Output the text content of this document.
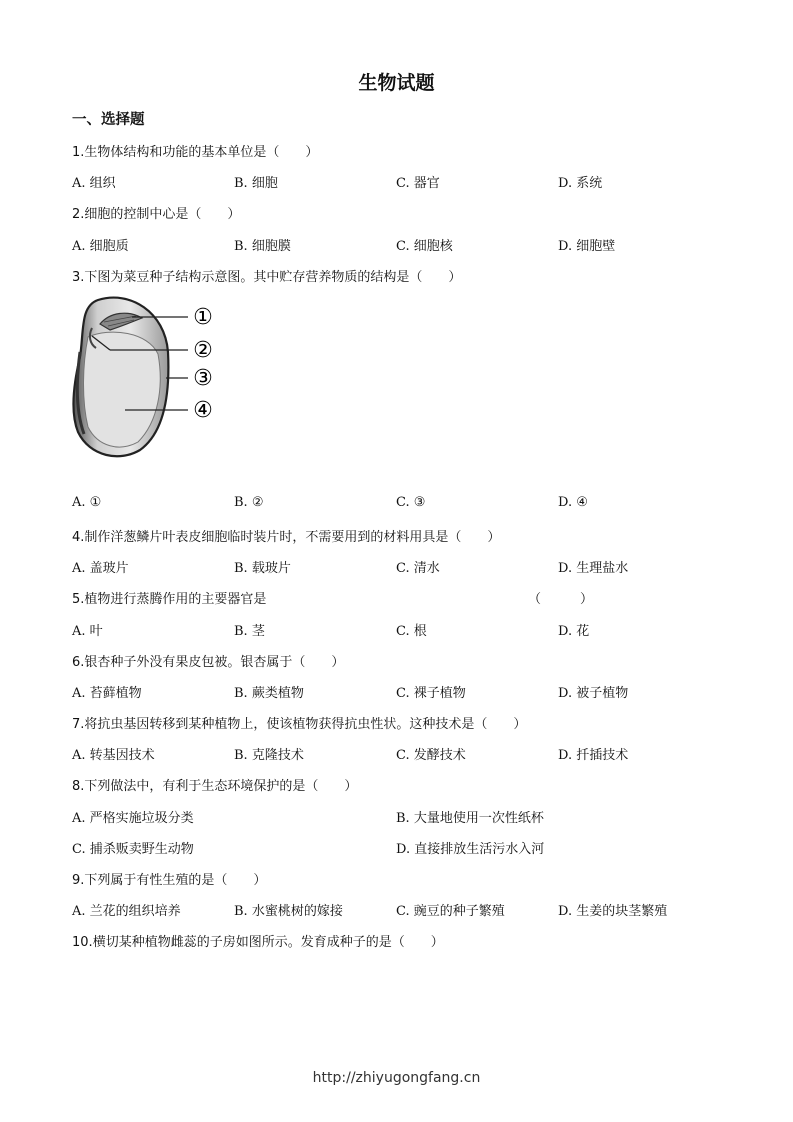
生物试题
一、选择题
1.生物体结构和功能的基本单位是（　　）
A. 组织	B. 细胞	C. 器官	D. 系统
2.细胞的控制中心是（　　）
A. 细胞质	B. 细胞膜	C. 细胞核	D. 细胞壁
3.下图为菜豆种子结构示意图。其中贮存营养物质的结构是（　　）
①
②
③
④
A. ①	B. ②	C. ③	D. ④
4.制作洋葱鳞片叶表皮细胞临时装片时，不需要用到的材料用具是（　　）
A. 盖玻片	B. 载玻片	C. 清水	D. 生理盐水
5.植物进行蒸腾作用的主要器官是	（　　　）
A. 叶	B. 茎	C. 根	D. 花
6.银杏种子外没有果皮包被。银杏属于（　　）
A. 苔藓植物	B. 蕨类植物	C. 裸子植物	D. 被子植物
7.将抗虫基因转移到某种植物上，使该植物获得抗虫性状。这种技术是（　　）
A. 转基因技术	B. 克隆技术	C. 发酵技术	D. 扦插技术
8.下列做法中，有利于生态环境保护的是（　　）
A. 严格实施垃圾分类	B. 大量地使用一次性纸杯
C. 捕杀贩卖野生动物	D. 直接排放生活污水入河
9.下列属于有性生殖的是（　　）
A. 兰花的组织培养	B. 水蜜桃树的嫁接	C. 豌豆的种子繁殖	D. 生姜的块茎繁殖
10.横切某种植物雌蕊的子房如图所示。发育成种子的是（　　）
http://zhiyugongfang.cn
